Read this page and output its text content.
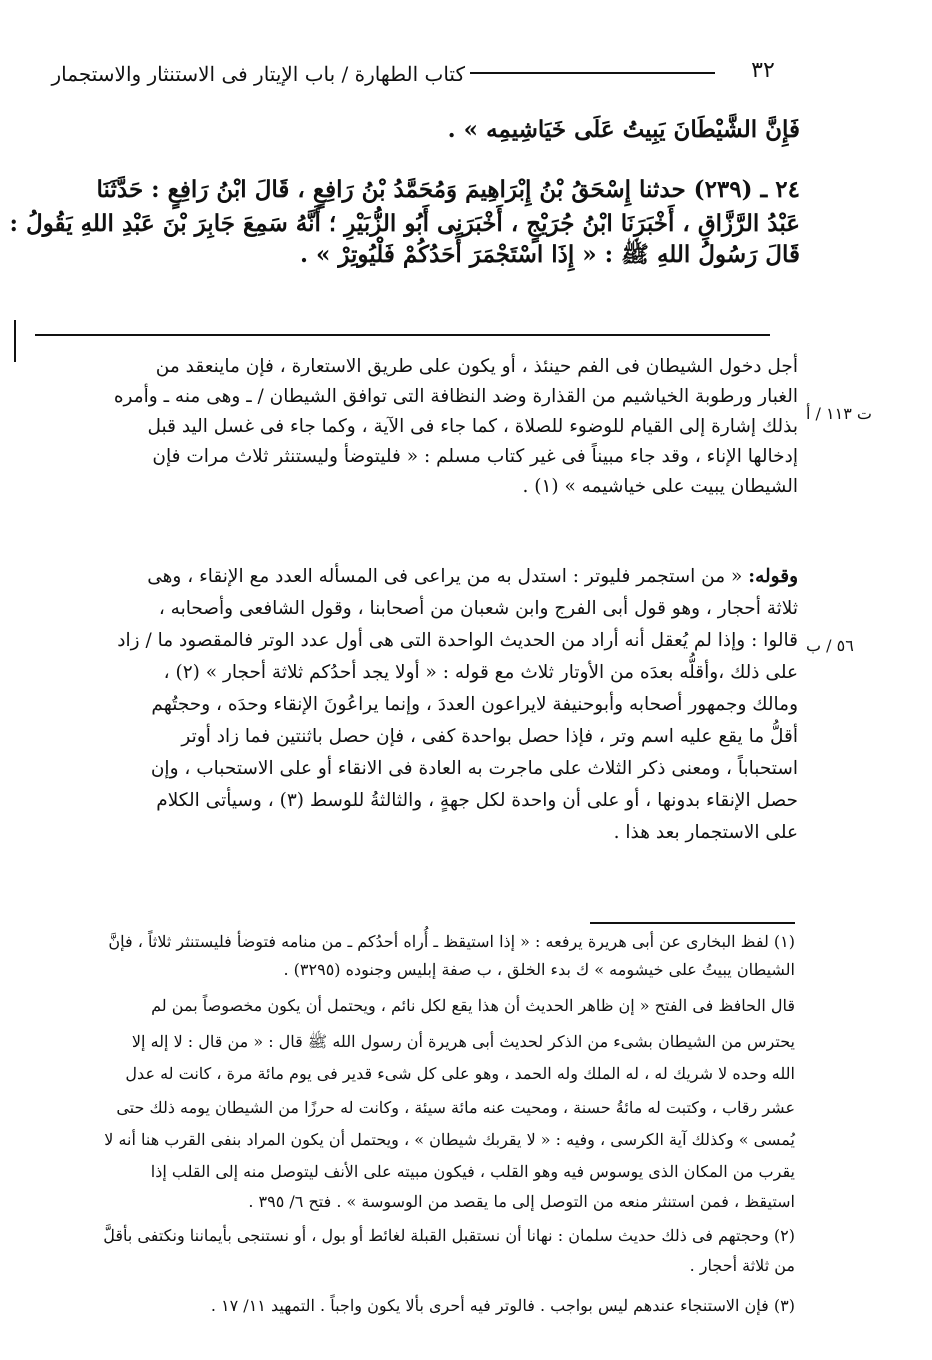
٣٢
كتاب الطهارة / باب الإيتار فى الاستنثار والاستجمار
فَإِنَّ الشَّيْطَانَ يَبِيتُ عَلَى خَيَاشِيمِه » .
٢٤ ـ (٢٣٩) حدثنا إِسْحَقُ بْنُ إِبْرَاهِيمَ وَمُحَمَّدُ بْنُ رَافِعٍ ، قَالَ ابْنُ رَافِعٍ : حَدَّثَنَا
عَبْدُ الرَّزَّاقِ ، أَخْبَرَنَا ابْنُ جُرَيْجٍ ، أَخْبَرَنِى أَبُو الزُّبَيْرِ ؛ أَنَّهُ سَمِعَ جَابِرَ بْنَ عَبْدِ اللهِ يَقُولُ :
قَالَ رَسُولُ اللهِ ﷺ : « إِذَا اسْتَجْمَرَ أَحَدُكُمْ فَلْيُوتِرْ » .
ت ١١٣ / أ
٥٦ / ب
أجل دخول الشيطان فى الفم حينئذ ، أو يكون على طريق الاستعارة ، فإن ماينعقد من
الغبار ورطوبة الخياشيم من القذارة وضد النظافة التى توافق الشيطان / ـ وهى منه ـ وأمره
بذلك إشارة إلى القيام للوضوء للصلاة ، كما جاء فى الآية ، وكما جاء فى غسل اليد قبل
إدخالها الإناء ، وقد جاء مبيناً فى غير كتاب مسلم : « فليتوضأ وليستنثر ثلاث مرات فإن
الشيطان يبيت على خياشيمه » (١) .
وقوله: « من استجمر فليوتر : استدل به من يراعى فى المسأله العدد مع الإنقاء ، وهى
ثلاثة أحجار ، وهو قول أبى الفرج وابن شعبان من أصحابنا ، وقول الشافعى وأصحابه ،
قالوا : وإذا لم يُعقل أنه أراد من الحديث الواحدة التى هى أول عدد الوتر فالمقصود ما / زاد
على ذلك ،وأقلُّه بعدَه من الأوتار ثلاث مع قوله : « أولا يجد أحدُكم ثلاثة أحجار » (٢) ،
ومالك وجمهور أصحابه وأبوحنيفة لايراعون العددَ ، وإنما يراعُونَ الإنقاء وحدَه ، وحجتُهم
أقلُّ ما يقع عليه اسم وتر ، فإذا حصل بواحدة كفى ، فإن حصل باثنتين فما زاد أوتر
استحباباً ، ومعنى ذكر الثلاث على ماجرت به العادة فى الانقاء أو على الاستحباب ، وإن
حصل الإنقاء بدونها ، أو على أن واحدة لكل جهةٍ ، والثالثةُ للوسط (٣) ، وسيأتى الكلام
على الاستجمار بعد هذا .
(١) لفظ البخارى عن أبى هريرة يرفعه : « إذا استيقظ ـ أُراه أحدُكم ـ من منامه فتوضأ فليستنثر ثلاثاً ، فإنَّ
الشيطان يبيتُ على خيشومه » ك بدء الخلق ، ب صفة إبليس وجنوده (٣٢٩٥) .
قال الحافظ فى الفتح « إن ظاهر الحديث أن هذا يقع لكل نائم ، ويحتمل أن يكون مخصوصاً بمن لم
يحترس من الشيطان بشىء من الذكر لحديث أبى هريرة أن رسول الله ﷺ قال : « من قال : لا إله إلا
الله وحده لا شريك له ، له الملك وله الحمد ، وهو على كل شىء قدير فى يوم مائة مرة ، كانت له عدل
عشر رقاب ، وكتبت له مائةُ حسنة ، ومحيت عنه مائة سيئة ، وكانت له حرزًا من الشيطان يومه ذلك حتى
يُمسى » وكذلك آية الكرسى ، وفيه : « لا يقربك شيطان » ، ويحتمل أن يكون المراد بنفى القرب هنا أنه لا
يقرب من المكان الذى يوسوس فيه وهو القلب ، فيكون مبيته على الأنف ليتوصل منه إلى القلب إذا
استيقظ ، فمن استنثر منعه من التوصل إلى ما يقصد من الوسوسة » . فتح ٦/ ٣٩٥ .
(٢) وحجتهم فى ذلك حديث سلمان : نهانا أن نستقبل القبلة لغائط أو بول ، أو نستنجى بأيماننا ونكتفى بأقلَّ
من ثلاثة أحجار .
(٣) فإن الاستنجاء عندهم ليس بواجب . فالوتر فيه أحرى بألا يكون واجباً . التمهيد ١١/ ١٧ .
